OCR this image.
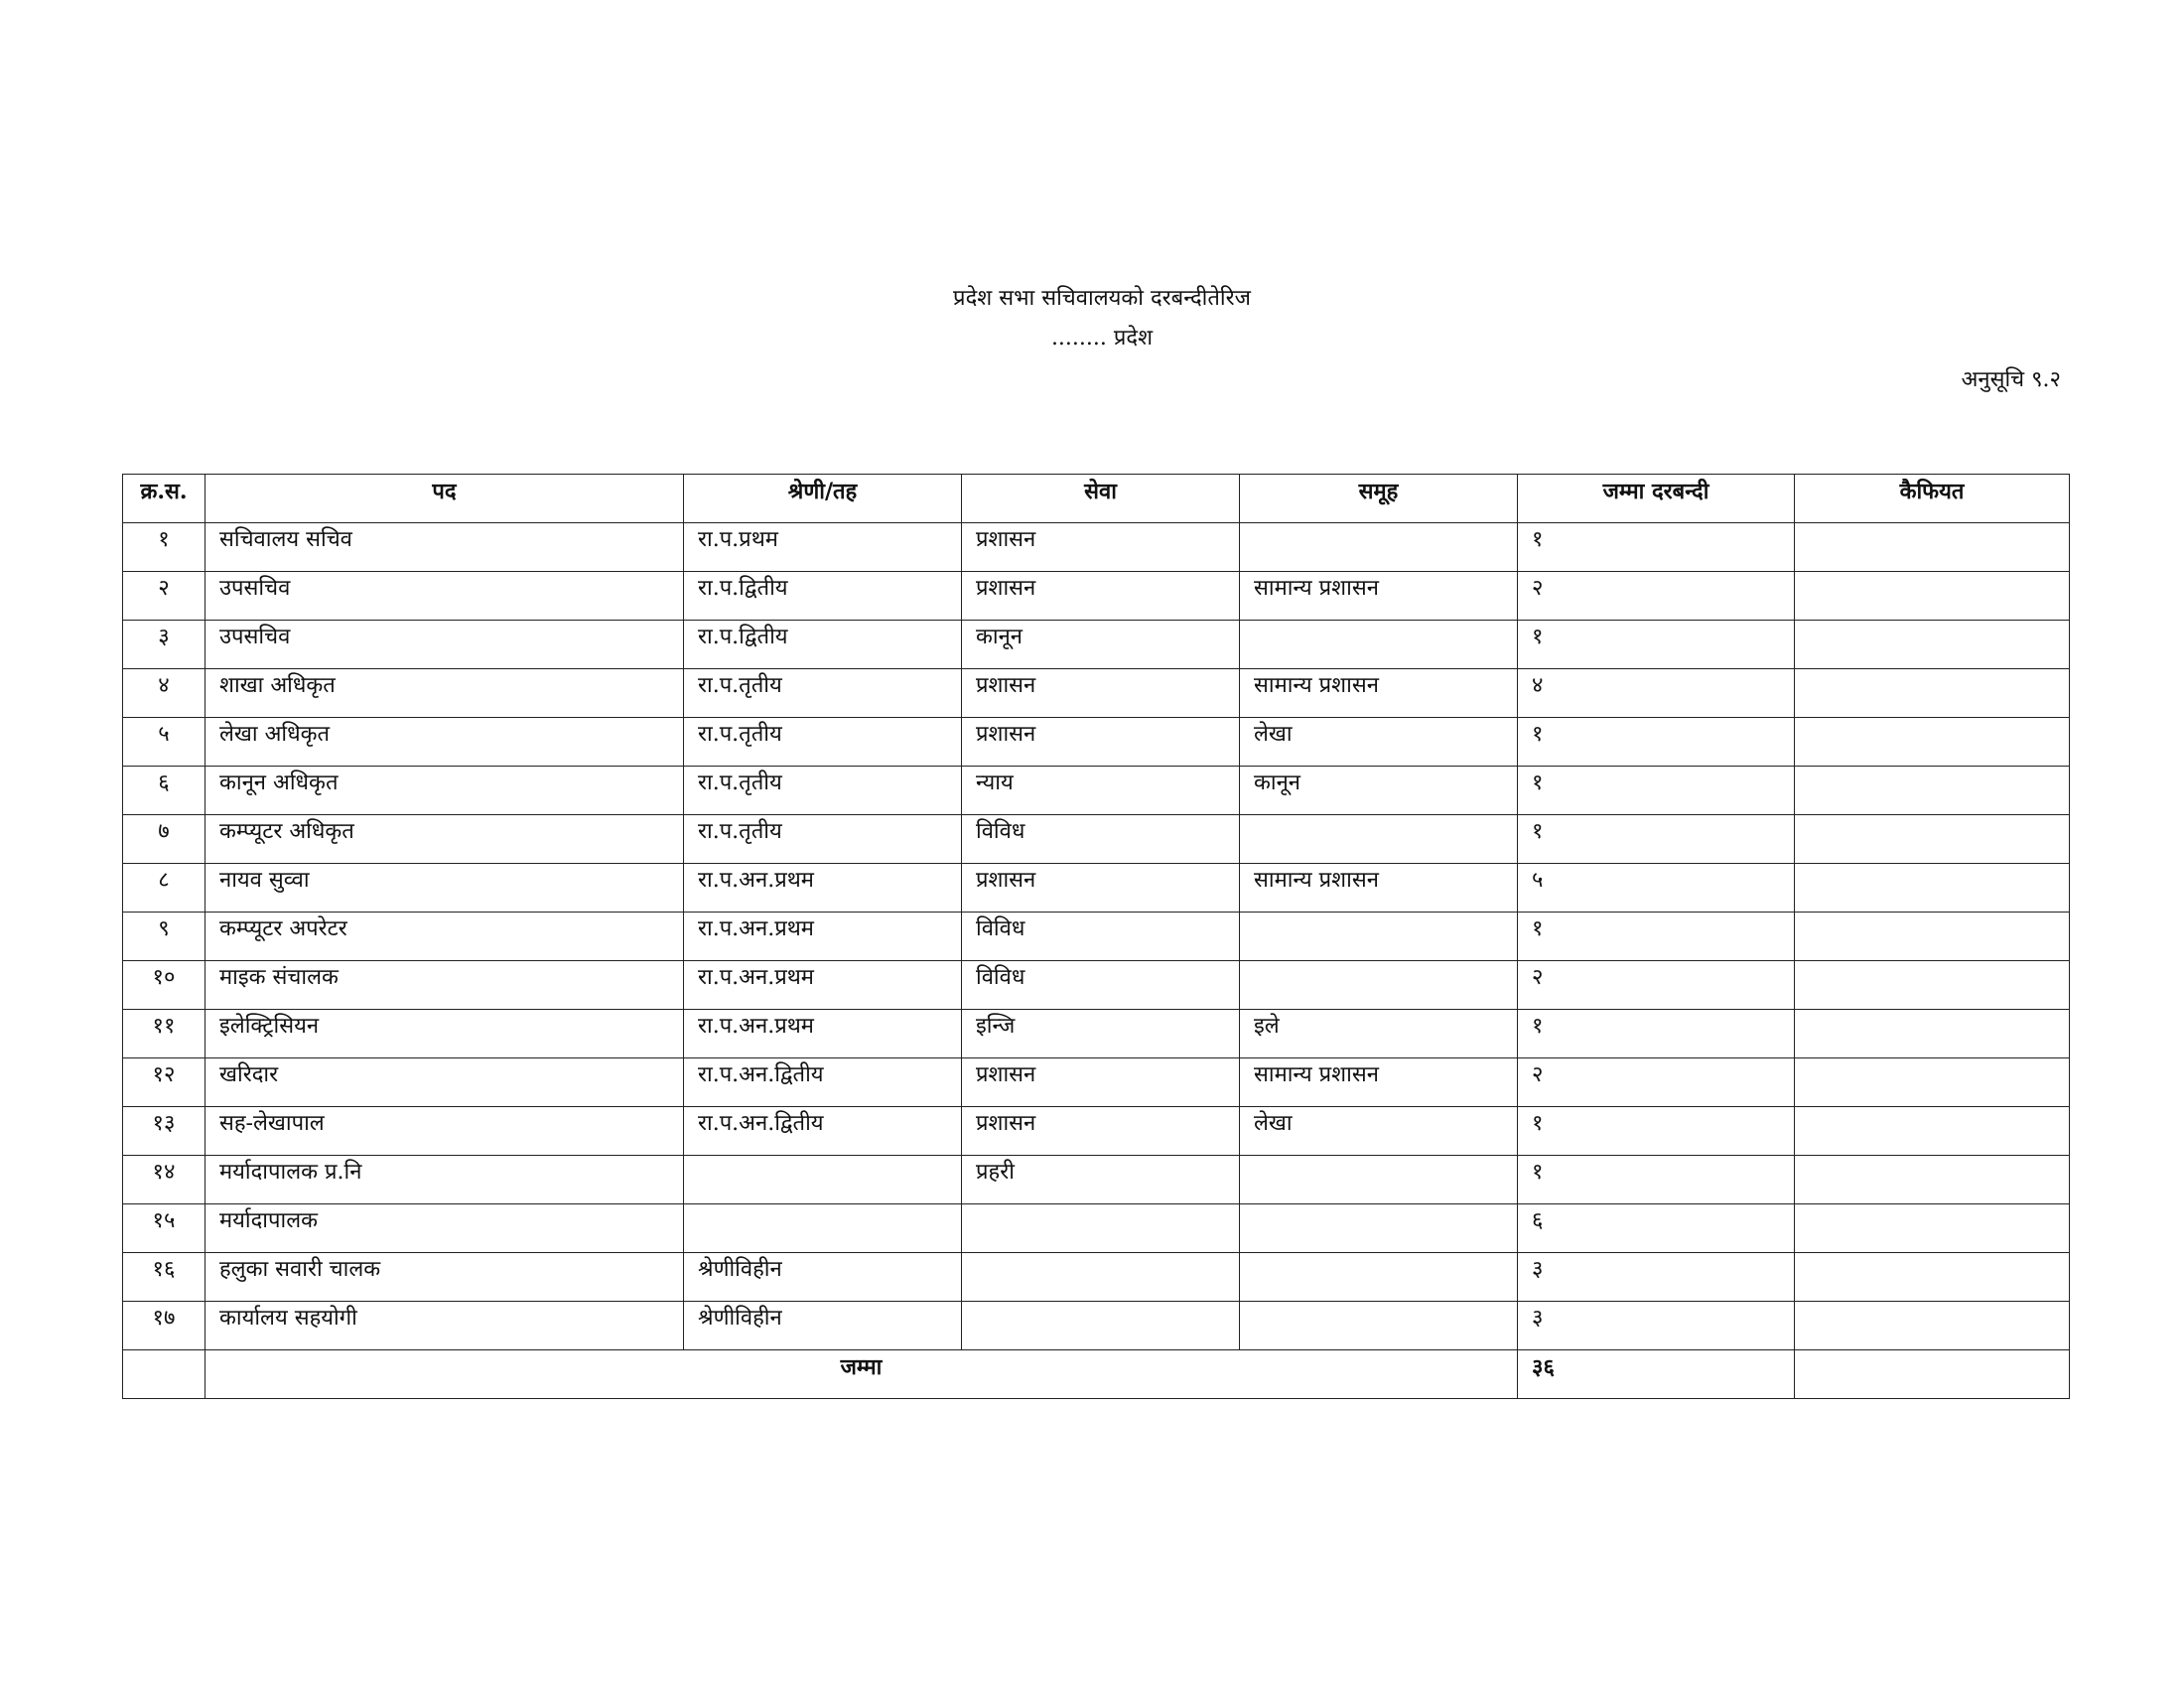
प्रदेश सभा सचिवालयको दरबन्दीतेरिज
........ प्रदेश
अनुसूचि ९.२
क्र.स.	पद	श्रेणी/तह	सेवा	समूह	जम्मा दरबन्दी	कैफियत
१	सचिवालय सचिव	रा.प.प्रथम	प्रशासन		१	
२	उपसचिव	रा.प.द्वितीय	प्रशासन	सामान्य प्रशासन	२	
३	उपसचिव	रा.प.द्वितीय	कानून		१	
४	शाखा अधिकृत	रा.प.तृतीय	प्रशासन	सामान्य प्रशासन	४	
५	लेखा अधिकृत	रा.प.तृतीय	प्रशासन	लेखा	१	
६	कानून अधिकृत	रा.प.तृतीय	न्याय	कानून	१	
७	कम्प्यूटर अधिकृत	रा.प.तृतीय	विविध		१	
८	नायव सुव्वा	रा.प.अन.प्रथम	प्रशासन	सामान्य प्रशासन	५	
९	कम्प्यूटर अपरेटर	रा.प.अन.प्रथम	विविध		१	
१०	माइक संचालक	रा.प.अन.प्रथम	विविध		२	
११	इलेक्ट्रिसियन	रा.प.अन.प्रथम	इन्जि	इले	१	
१२	खरिदार	रा.प.अन.द्वितीय	प्रशासन	सामान्य प्रशासन	२	
१३	सह-लेखापाल	रा.प.अन.द्वितीय	प्रशासन	लेखा	१	
१४	मर्यादापालक प्र.नि		प्रहरी		१	
१५	मर्यादापालक				६	
१६	हलुका सवारी चालक	श्रेणीविहीन			३	
१७	कार्यालय सहयोगी	श्रेणीविहीन			३	
	जम्मा				३६	
